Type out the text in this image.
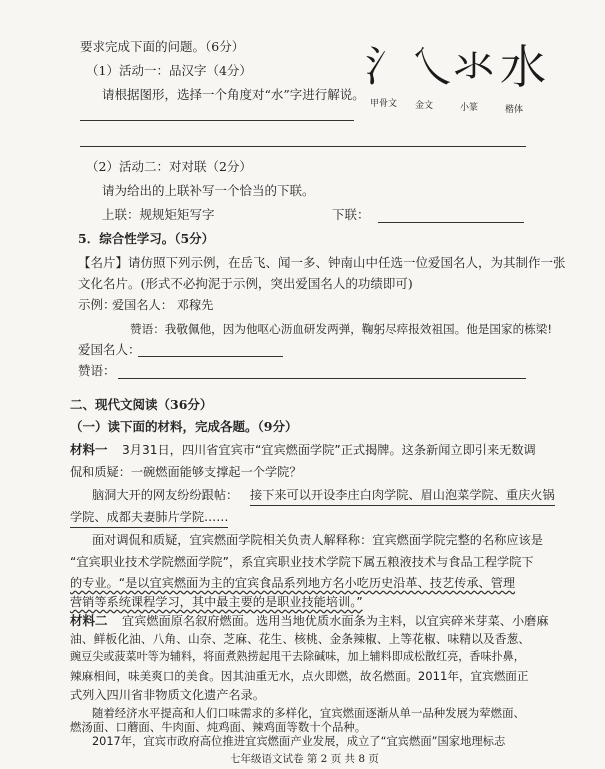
要求完成下面的问题。（6分）
（1）活动一：品汉字（4分）
请根据图形，选择一个角度对“水”字进行解说。
氵 乀 氺 水
甲骨文 金文	小篆	楷体
（2）活动二：对对联（2分）
请为给出的上联补写一个恰当的下联。
上联：规规矩矩写字	下联：
5．综合性学习。（5分）
【名片】请仿照下列示例，在岳飞、闻一多、钟南山中任选一位爱国名人，为其制作一张
文化名片。(形式不必拘泥于示例，突出爱国名人的功绩即可)
示例：
爱国名人： 邓稼先
赞语：我敬佩他，因为他呕心沥血研发两弹，鞠躬尽瘁报效祖国。他是国家的栋梁!
爱国名人：
赞语：
二、现代文阅读（36分）
（一）读下面的材料，完成各题。（9分）
材料一 3月31日，四川省宜宾市“宜宾燃面学院”正式揭牌。这条新闻立即引来无数调
侃和质疑：一碗燃面能够支撑起一个学院？
脑洞大开的网友纷纷跟帖： 接下来可以开设李庄白肉学院、眉山泡菜学院、重庆火锅
学院、成都夫妻肺片学院……
面对调侃和质疑，宜宾燃面学院相关负责人解释称：宜宾燃面学院完整的名称应该是
“宜宾职业技术学院燃面学院”，系宜宾职业技术学院下属五粮液技术与食品工程学院下
的专业。“是以宜宾燃面为主的宜宾食品系列地方名小吃历史沿革、技艺传承、管理
营销等系统课程学习，其中最主要的是职业技能培训。”
材料二 宜宾燃面原名叙府燃面。选用当地优质水面条为主料，以宜宾碎米芽菜、小磨麻
油、鲜板化油、八角、山奈、芝麻、花生、核桃、金条辣椒、上等花椒、味精以及香葱、
豌豆尖或菠菜叶等为辅料，将面煮熟捞起甩干去除碱味，加上辅料即成松散红亮，香味扑鼻，
辣麻相间，味美爽口的美食。因其油重无水，点火即燃，故名燃面。2011年，宜宾燃面正
式列入四川省非物质文化遗产名录。
随着经济水平提高和人们口味需求的多样化，宜宾燃面逐渐从单一品种发展为荤燃面、
燃汤面、口蘑面、牛肉面、炖鸡面、辣鸡面等数十个品种。
2017年，宜宾市政府高位推进宜宾燃面产业发展，成立了“宜宾燃面”国家地理标志
七年级语文试卷 第 2 页 共 8 页
